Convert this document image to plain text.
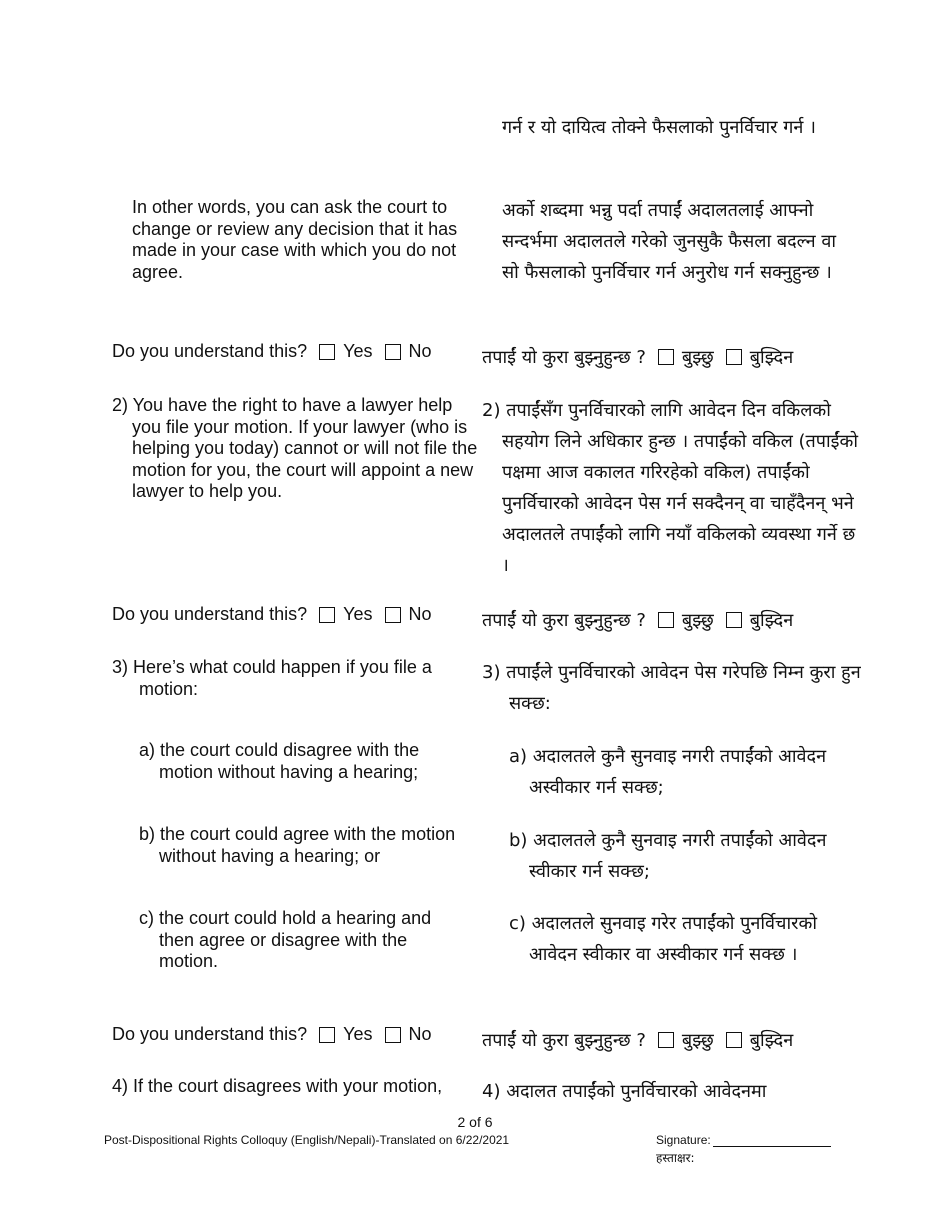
गर्न र यो दायित्व तोक्ने फैसलाको पुनर्विचार गर्न ।
In other words, you can ask the court to change or review any decision that it has made in your case with which you do not agree.
अर्को शब्दमा भन्नु पर्दा तपाईं अदालतलाई आफ्नो सन्दर्भमा अदालतले गरेको जुनसुकै फैसला बदल्न वा सो फैसलाको पुनर्विचार गर्न अनुरोध गर्न सक्नुहुन्छ ।
Do you understand this? Yes No	तपाईं यो कुरा बुझ्नुहुन्छ ? बुझ्छु बुझ्दिन
2) You have the right to have a lawyer help you file your motion. If your lawyer (who is helping you today) cannot or will not file the motion for you, the court will appoint a new lawyer to help you.
2) तपाईंसँग पुनर्विचारको लागि आवेदन दिन वकिलको सहयोग लिने अधिकार हुन्छ । तपाईंको वकिल (तपाईंको पक्षमा आज वकालत गरिरहेको वकिल) तपाईंको पुनर्विचारको आवेदन पेस गर्न सक्दैनन् वा चाहँदैनन् भने अदालतले तपाईंको लागि नयाँ वकिलको व्यवस्था गर्ने छ ।
Do you understand this? Yes No	तपाईं यो कुरा बुझ्नुहुन्छ ? बुझ्छु बुझ्दिन
3) Here’s what could happen if you file a motion:
3) तपाईंले पुनर्विचारको आवेदन पेस गरेपछि निम्न कुरा हुन सक्छ:
a) the court could disagree with the motion without having a hearing;
a) अदालतले कुनै सुनवाइ नगरी तपाईंको आवेदन अस्वीकार गर्न सक्छ;
b) the court could agree with the motion without having a hearing; or
b) अदालतले कुनै सुनवाइ नगरी तपाईंको आवेदन स्वीकार गर्न सक्छ;
c) the court could hold a hearing and then agree or disagree with the motion.
c) अदालतले सुनवाइ गरेर तपाईंको पुनर्विचारको आवेदन स्वीकार वा अस्वीकार गर्न सक्छ ।
Do you understand this? Yes No	तपाईं यो कुरा बुझ्नुहुन्छ ? बुझ्छु बुझ्दिन
4) If the court disagrees with your motion,	4) अदालत तपाईंको पुनर्विचारको आवेदनमा
2 of 6
Post-Dispositional Rights Colloquy (English/Nepali)-Translated on 6/22/2021	Signature:
हस्ताक्षर:
